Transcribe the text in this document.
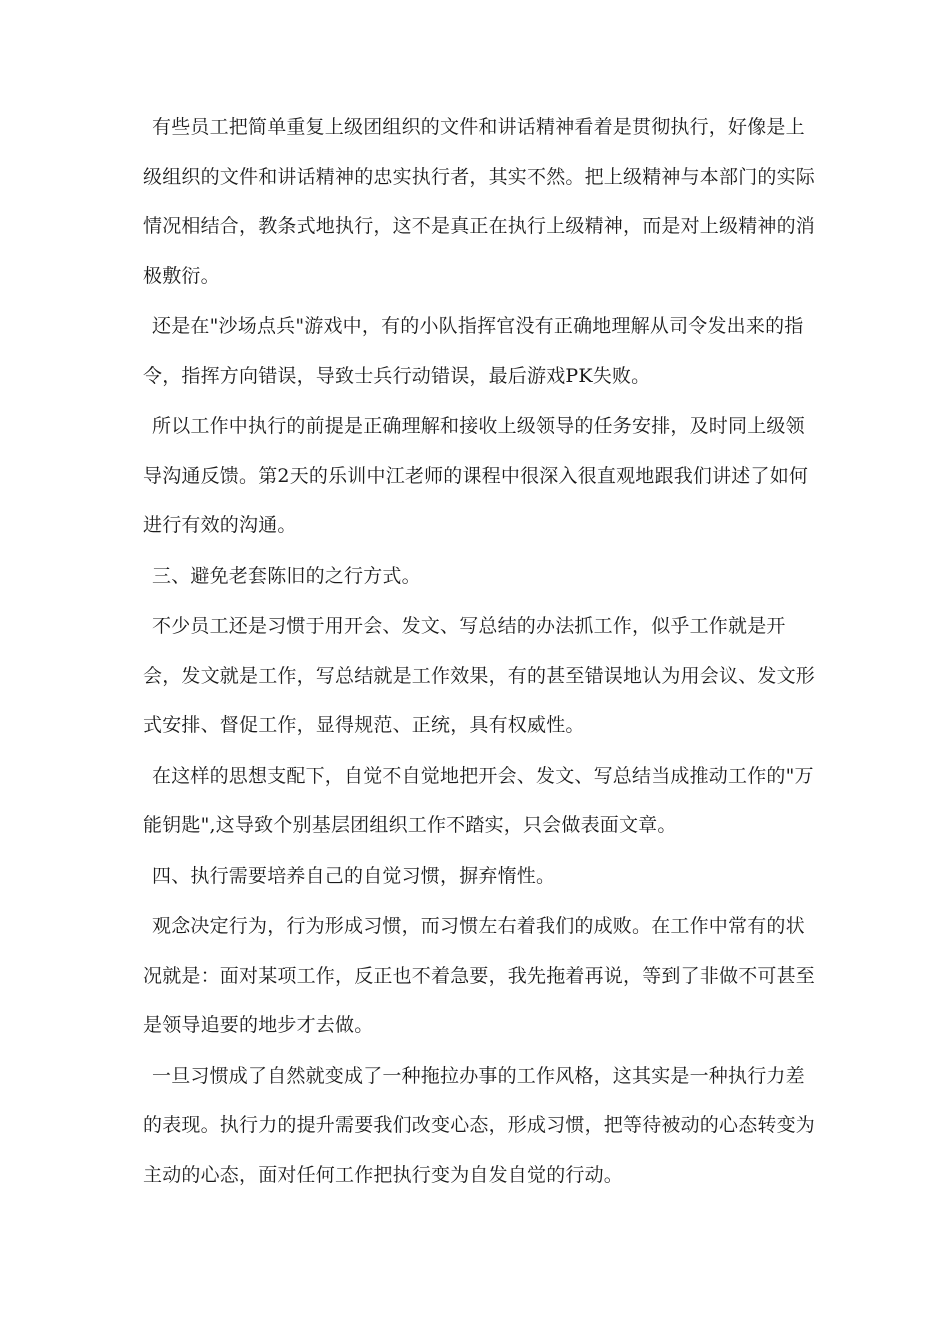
有些员工把简单重复上级团组织的文件和讲话精神看着是贯彻执行，好像是上级组织的文件和讲话精神的忠实执行者，其实不然。把上级精神与本部门的实际情况相结合，教条式地执行，这不是真正在执行上级精神，而是对上级精神的消极敷衍。

还是在"沙场点兵"游戏中，有的小队指挥官没有正确地理解从司令发出来的指令，指挥方向错误，导致士兵行动错误，最后游戏PK失败。

所以工作中执行的前提是正确理解和接收上级领导的任务安排，及时同上级领导沟通反馈。第2天的乐训中江老师的课程中很深入很直观地跟我们讲述了如何进行有效的沟通。

三、避免老套陈旧的之行方式。

不少员工还是习惯于用开会、发文、写总结的办法抓工作，似乎工作就是开会，发文就是工作，写总结就是工作效果，有的甚至错误地认为用会议、发文形式安排、督促工作，显得规范、正统，具有权威性。

在这样的思想支配下，自觉不自觉地把开会、发文、写总结当成推动工作的"万能钥匙",这导致个别基层团组织工作不踏实，只会做表面文章。

四、执行需要培养自己的自觉习惯，摒弃惰性。

观念决定行为，行为形成习惯，而习惯左右着我们的成败。在工作中常有的状况就是：面对某项工作，反正也不着急要，我先拖着再说，等到了非做不可甚至是领导追要的地步才去做。

一旦习惯成了自然就变成了一种拖拉办事的工作风格，这其实是一种执行力差的表现。执行力的提升需要我们改变心态，形成习惯，把等待被动的心态转变为主动的心态，面对任何工作把执行变为自发自觉的行动。
